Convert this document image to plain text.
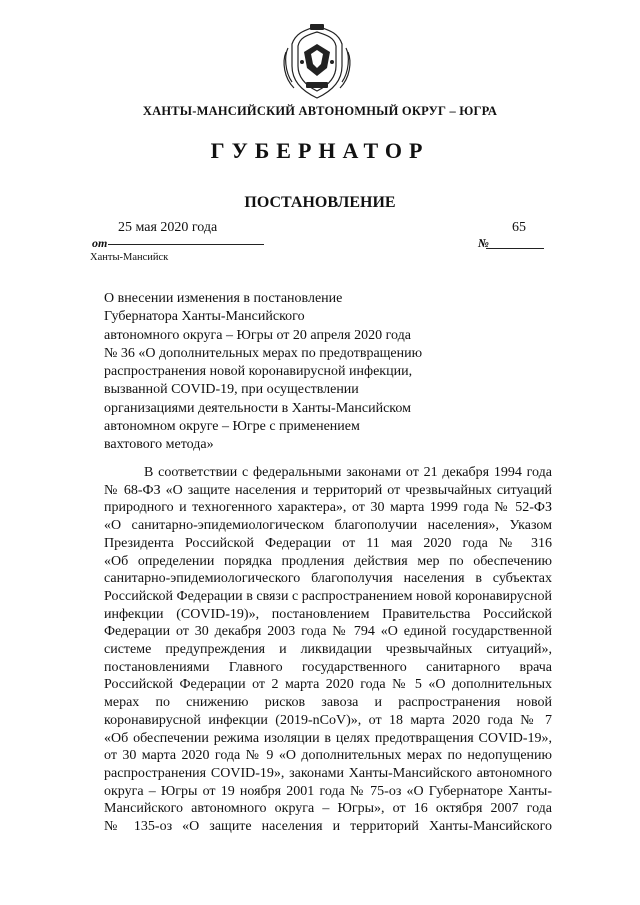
ХАНТЫ-МАНСИЙСКИЙ АВТОНОМНЫЙ ОКРУГ – ЮГРА
ГУБЕРНАТОР
ПОСТАНОВЛЕНИЕ
от
25 мая 2020 года
№
65
Ханты-Мансийск
О внесении изменения в постановление
Губернатора Ханты-Мансийского
автономного округа – Югры от 20 апреля 2020 года
№ 36 «О дополнительных мерах по предотвращению
распространения новой коронавирусной инфекции,
вызванной COVID-19, при осуществлении
организациями деятельности в Ханты-Мансийском
автономном округе – Югре с применением
вахтового метода»
В соответствии с федеральными законами от 21 декабря 1994 года
№ 68-ФЗ «О защите населения и территорий от чрезвычайных ситуаций
природного и техногенного характера», от 30 марта 1999 года № 52-ФЗ
«О санитарно-эпидемиологическом благополучии населения», Указом
Президента Российской Федерации от 11 мая 2020 года № 316
«Об определении порядка продления действия мер по обеспечению
санитарно-эпидемиологического благополучия населения в субъектах
Российской Федерации в связи с распространением новой коронавирусной
инфекции (COVID-19)», постановлением Правительства Российской
Федерации от 30 декабря 2003 года № 794 «О единой государственной
системе предупреждения и ликвидации чрезвычайных ситуаций»,
постановлениями Главного государственного санитарного врача
Российской Федерации от 2 марта 2020 года № 5 «О дополнительных
мерах по снижению рисков завоза и распространения новой
коронавирусной инфекции (2019-nCoV)», от 18 марта 2020 года № 7
«Об обеспечении режима изоляции в целях предотвращения COVID-19»,
от 30 марта 2020 года № 9 «О дополнительных мерах по недопущению
распространения COVID-19», законами Ханты-Мансийского автономного
округа – Югры от 19 ноября 2001 года № 75-оз «О Губернаторе Ханты-
Мансийского автономного округа – Югры», от 16 октября 2007 года
№ 135-оз «О защите населения и территорий Ханты-Мансийского
